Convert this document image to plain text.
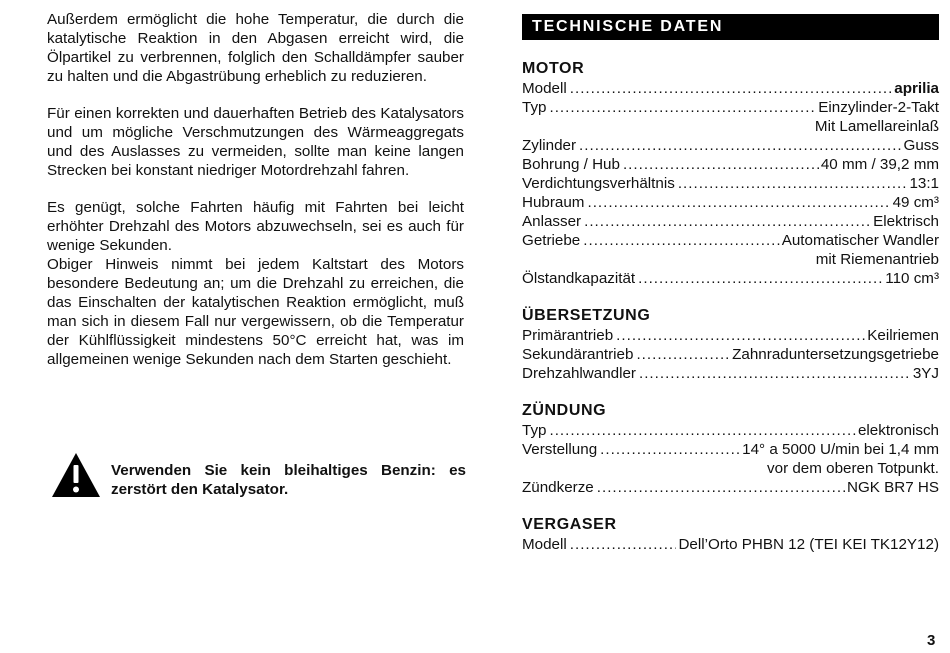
Außerdem ermöglicht die hohe Temperatur, die durch die katalytische Reaktion in den Abgasen erreicht wird, die Ölpartikel zu verbrennen, folglich den Schalldämpfer sauber zu halten und die Abgastrübung erheblich zu reduzieren.

Für einen korrekten und dauerhaften Betrieb des Katalysators und um mögliche Verschmutzungen des Wärmeaggregats und des Auslasses zu vermeiden, sollte man keine langen Strecken bei konstant niedriger Motordrehzahl fahren.

Es genügt, solche Fahrten häufig mit Fahrten bei leicht erhöhter Drehzahl des Motors abzuwechseln, sei es auch für wenige Sekunden.

Obiger Hinweis nimmt bei jedem Kaltstart des Motors besondere Bedeutung an; um die Drehzahl zu erreichen, die das Einschalten der katalytischen Reaktion ermöglicht, muß man sich in diesem Fall nur vergewissern, ob die Temperatur der Kühlflüssigkeit mindestens 50°C erreicht hat, was im allgemeinen wenige Sekunden nach dem Starten geschieht.

Verwenden Sie kein bleihaltiges Benzin: es zerstört den Katalysator.
TECHNISCHE DATEN
MOTOR
Modell .....	aprilia
Typ .....	Einzylinder-2-Takt
Mit Lamellareinlaß
Zylinder .....	Guss
Bohrung / Hub .....	40 mm / 39,2 mm
Verdichtungsverhältnis .....	13:1
Hubraum .....	49 cm³
Anlasser .....	Elektrisch
Getriebe .....	Automatischer Wandler
mit Riemenantrieb
Ölstandkapazität .....	110 cm³
ÜBERSETZUNG
Primärantrieb .....	Keilriemen
Sekundärantrieb .....	Zahnraduntersetzungsgetriebe
Drehzahlwandler .....	3YJ
ZÜNDUNG
Typ .....	elektronisch
Verstellung .....	14° a 5000 U/min bei 1,4 mm
vor dem oberen Totpunkt.
Zündkerze .....	NGK BR7 HS
VERGASER
Modell .....	Dell’Orto PHBN 12 (TEI KEI TK12Y12)
3
